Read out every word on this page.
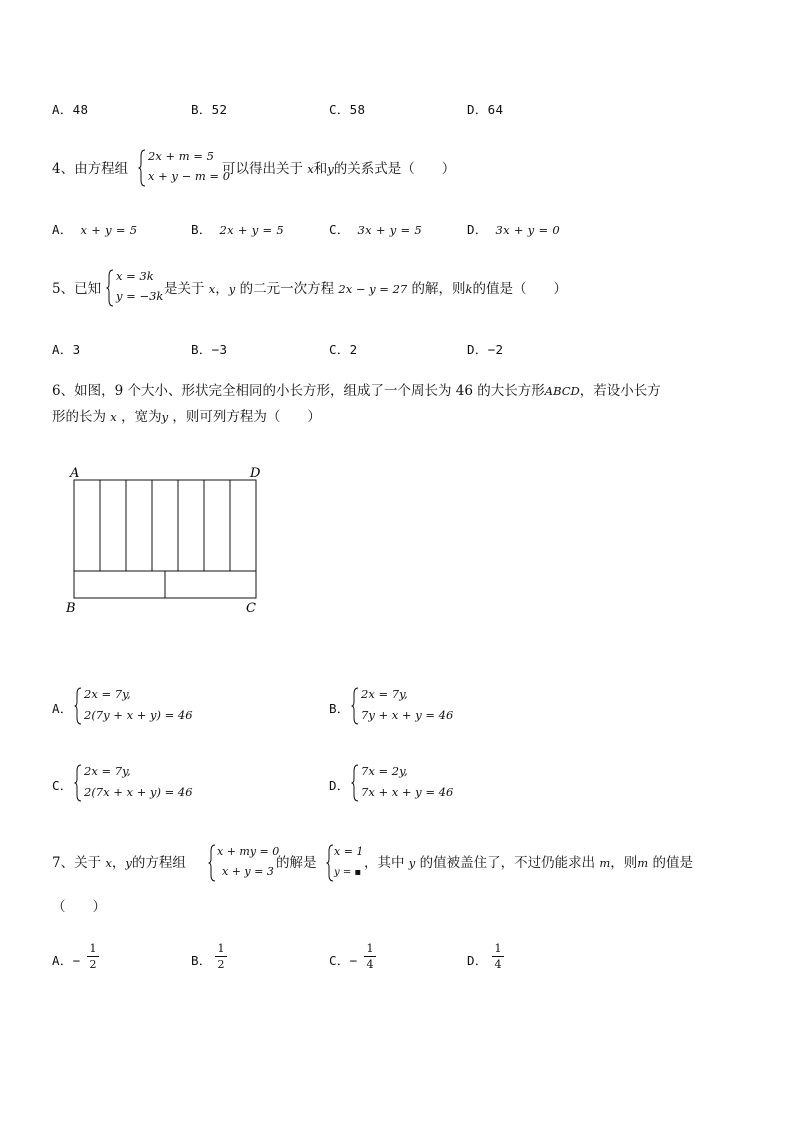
A．48	B．52	C．58	D．64
4、由方程组
2x + m = 5
x + y − m = 0
可以得出关于 x和y的关系式是（　　）
A． x + y = 5	B． 2x + y = 5	C． 3x + y = 5	D． 3x + y = 0
5、已知
x = 3k
y = −3k 是关于 x，y 的二元一次方程 2x − y = 27 的解，则k的值是（　　）
A．3	B．−3	C．2	D．−2
6、如图，9 个大小、形状完全相同的小长方形，组成了一个周长为 46 的大长方形ABCD，若设小长方
形的长为 x ，宽为y ，则可列方程为（　　）
A	D
B	C
A．
2x = 7y,
2(7y + x + y) = 46	B．
2x = 7y,
7y + x + y = 46
C．
2x = 7y,
2(7x + x + y) = 46	D．
7x = 2y,
7x + x + y = 46
7、关于 x，y的方程组
x + my = 0
x + y = 3
的解是
x = 1
y = ▪
，其中 y 的值被盖住了，不过仍能求出 m，则m 的值是
（　　）
A．−
1
2	B．
1
2	C．−
1
4	D．
1
4
